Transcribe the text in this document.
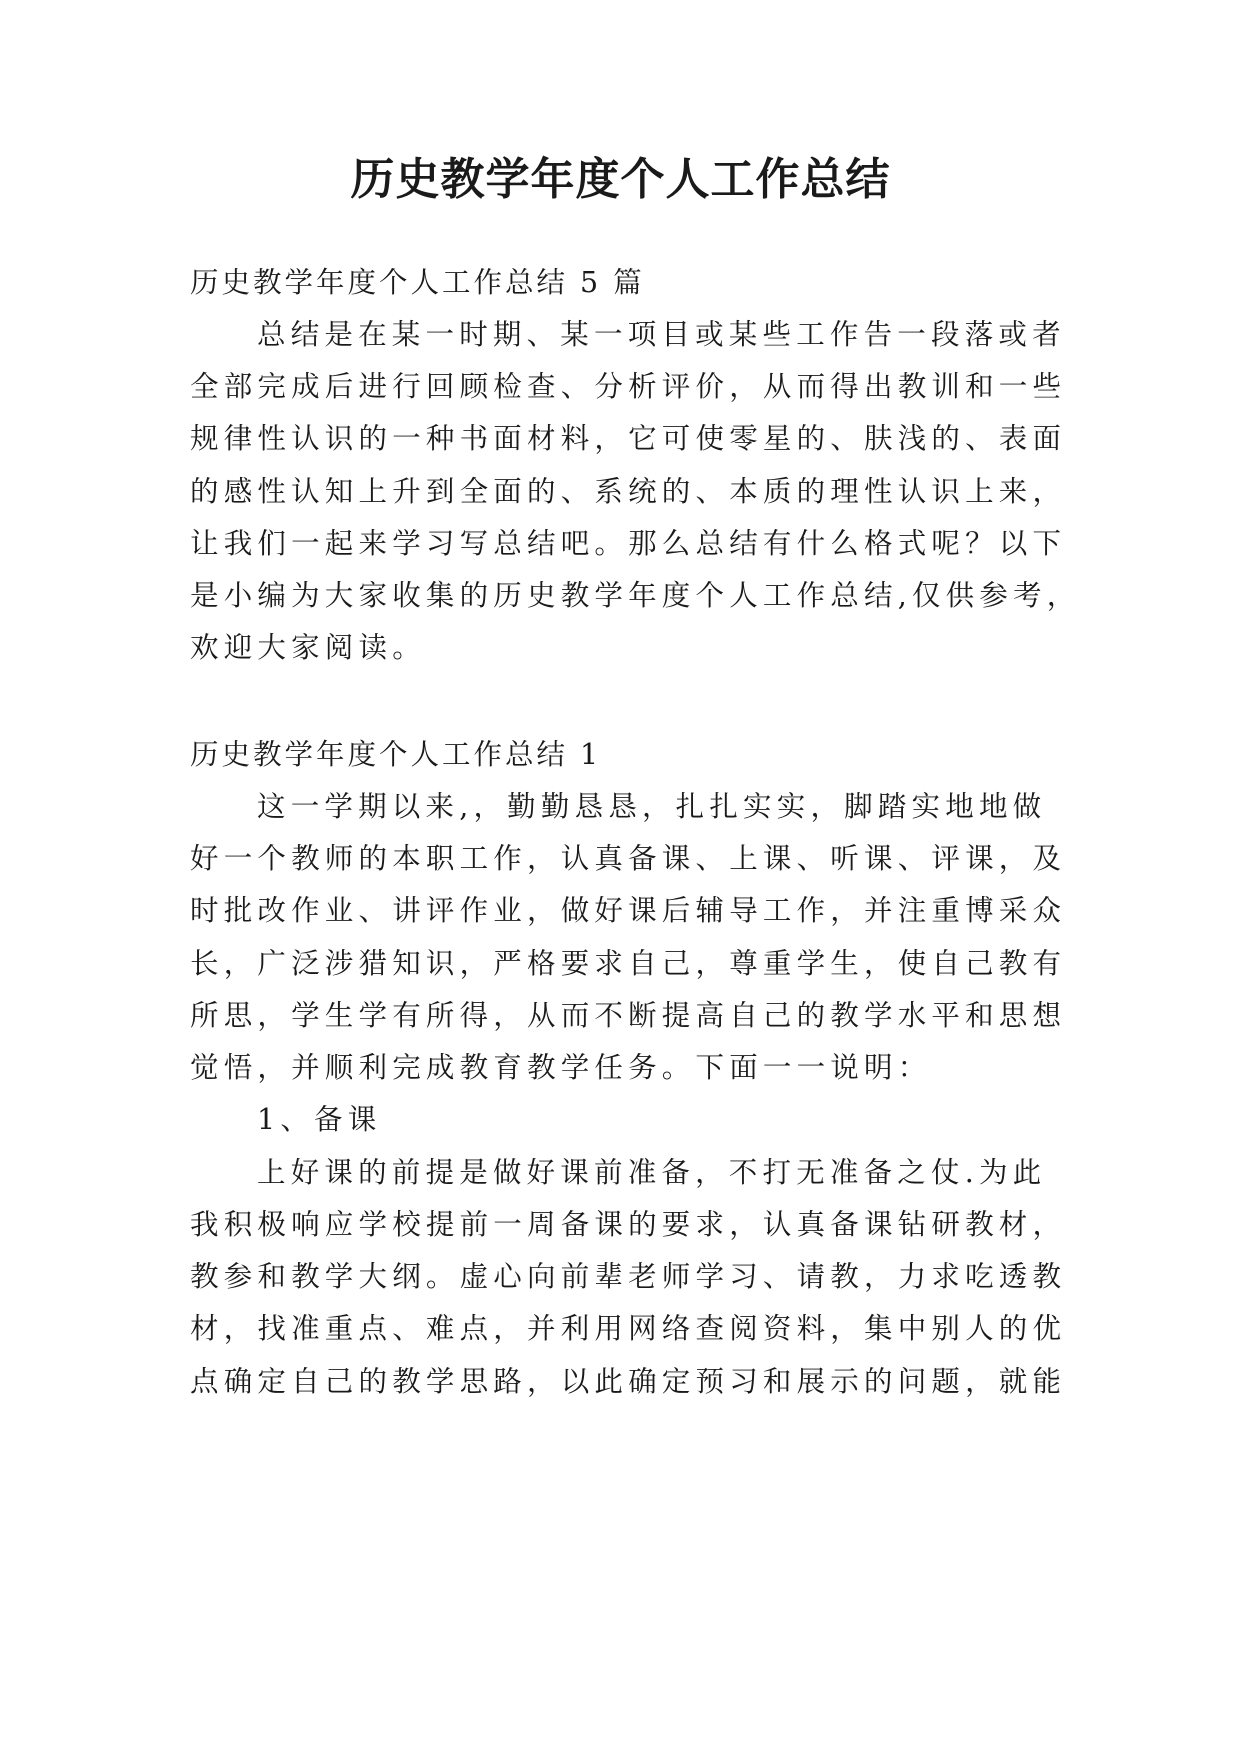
历史教学年度个人工作总结
历史教学年度个人工作总结 5 篇
总结是在某一时期、某一项目或某些工作告一段落或者
全部完成后进行回顾检查、分析评价，从而得出教训和一些
规律性认识的一种书面材料，它可使零星的、肤浅的、表面
的感性认知上升到全面的、系统的、本质的理性认识上来，
让我们一起来学习写总结吧。那么总结有什么格式呢？以下
是小编为大家收集的历史教学年度个人工作总结,仅供参考，
欢迎大家阅读。
历史教学年度个人工作总结 1
这一学期以来,，勤勤恳恳，扎扎实实，脚踏实地地做
好一个教师的本职工作，认真备课、上课、听课、评课，及
时批改作业、讲评作业，做好课后辅导工作，并注重博采众
长，广泛涉猎知识，严格要求自己，尊重学生，使自己教有
所思，学生学有所得，从而不断提高自己的教学水平和思想
觉悟，并顺利完成教育教学任务。下面一一说明：
1、备课
上好课的前提是做好课前准备，不打无准备之仗.为此
我积极响应学校提前一周备课的要求，认真备课钻研教材，
教参和教学大纲。虚心向前辈老师学习、请教，力求吃透教
材，找准重点、难点，并利用网络查阅资料，集中别人的优
点确定自己的教学思路，以此确定预习和展示的问题，就能
